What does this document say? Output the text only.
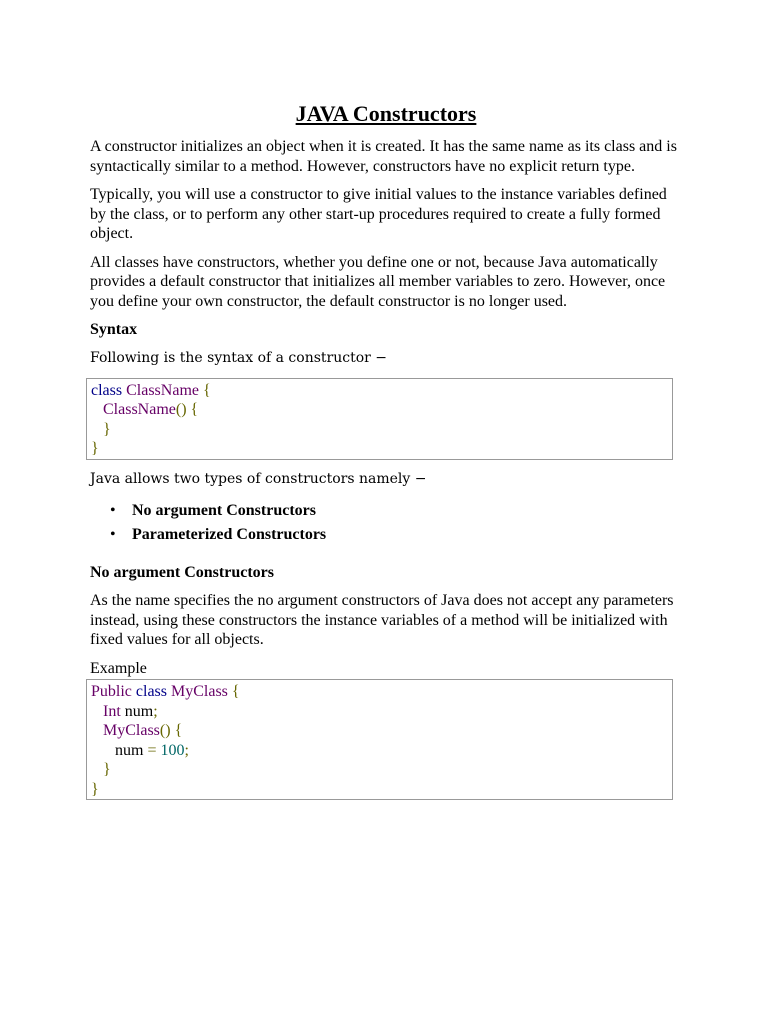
JAVA Constructors

A constructor initializes an object when it is created. It has the same name as its class and is syntactically similar to a method. However, constructors have no explicit return type.

Typically, you will use a constructor to give initial values to the instance variables defined by the class, or to perform any other start-up procedures required to create a fully formed object.

All classes have constructors, whether you define one or not, because Java automatically provides a default constructor that initializes all member variables to zero. However, once you define your own constructor, the default constructor is no longer used.

Syntax

Following is the syntax of a constructor −

class ClassName {
ClassName() {
}
}

Java allows two types of constructors namely −

• No argument Constructors
• Parameterized Constructors

No argument Constructors

As the name specifies the no argument constructors of Java does not accept any parameters instead, using these constructors the instance variables of a method will be initialized with fixed values for all objects.

Example

Public class MyClass {
Int num;
MyClass() {
num = 100;
}
}
